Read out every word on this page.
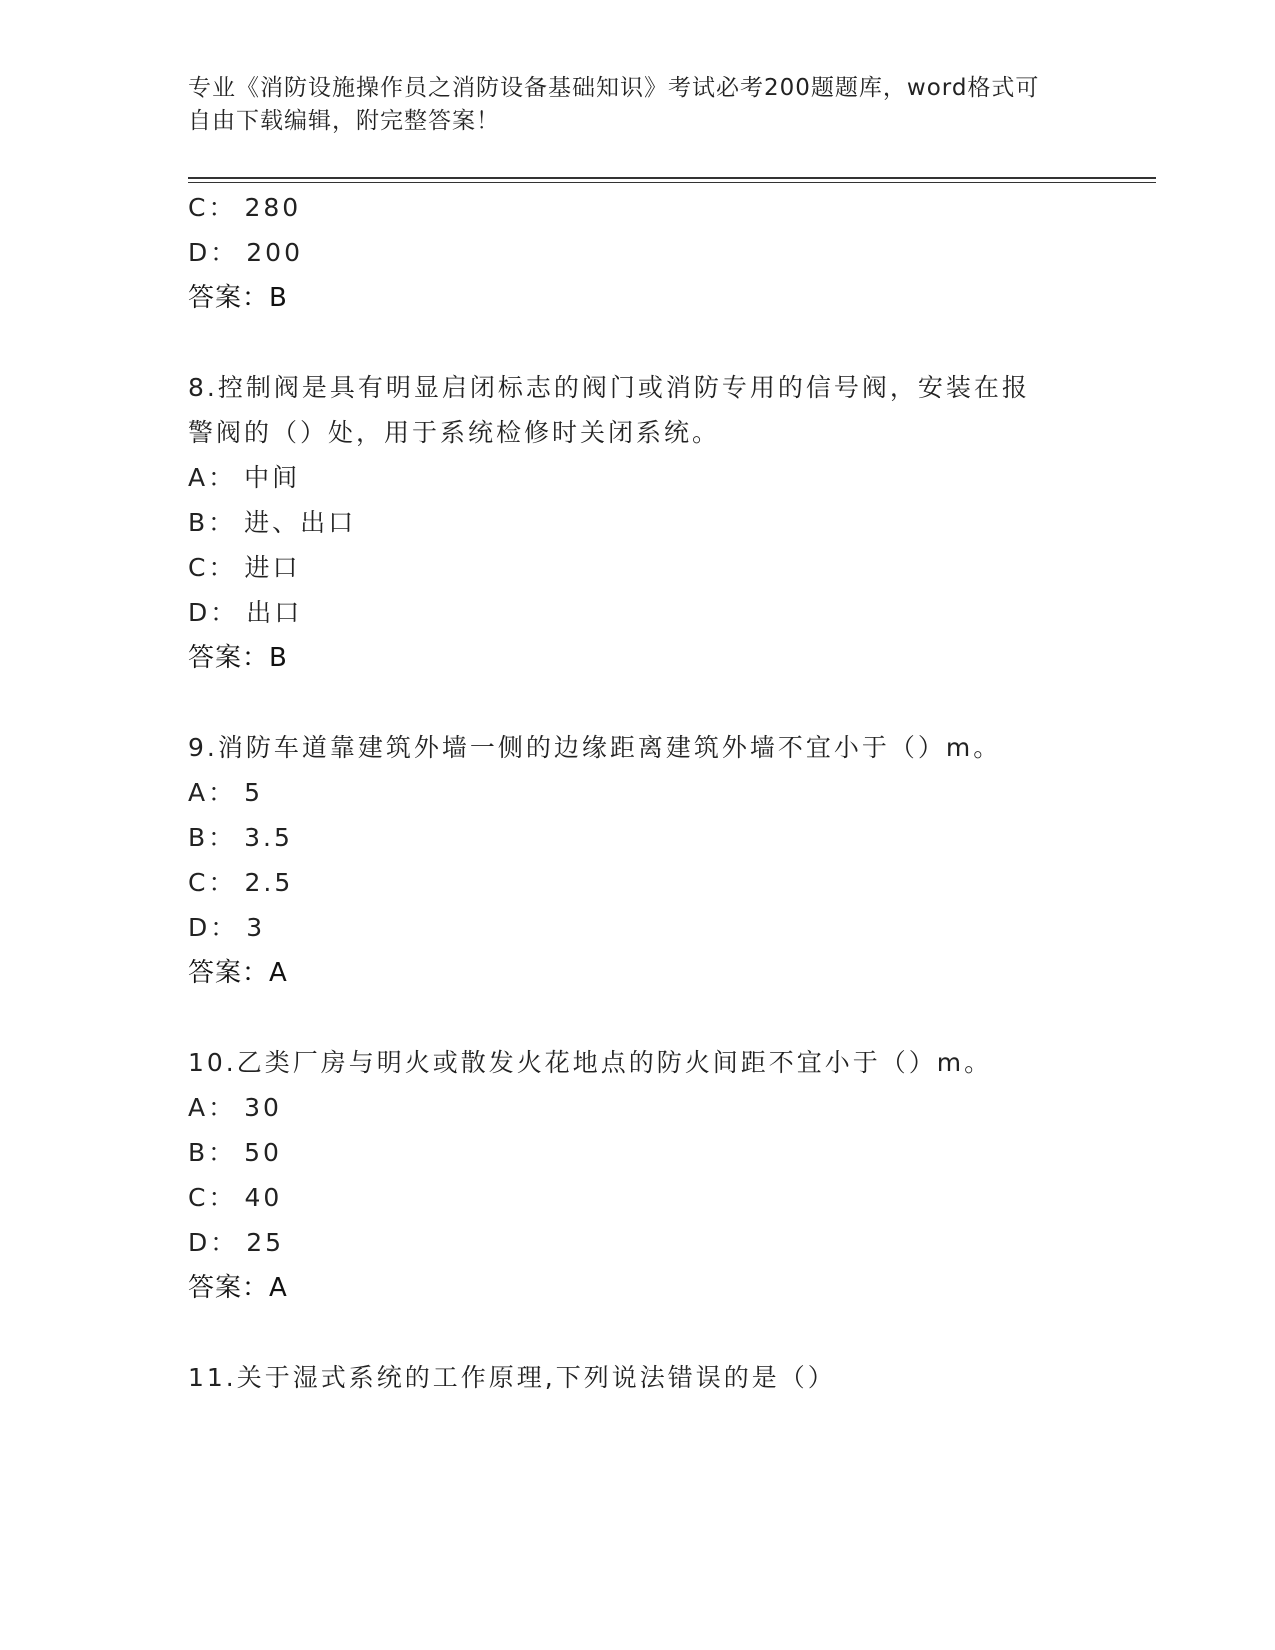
专业《消防设施操作员之消防设备基础知识》考试必考200题题库，word格式可
自由下载编辑，附完整答案！
C： 280
D： 200
答案：B
8.控制阀是具有明显启闭标志的阀门或消防专用的信号阀，安装在报
警阀的（）处，用于系统检修时关闭系统。
A： 中间
B： 进、出口
C： 进口
D： 出口
答案：B
9.消防车道靠建筑外墙一侧的边缘距离建筑外墙不宜小于（）m。
A： 5
B： 3.5
C： 2.5
D： 3
答案：A
10.乙类厂房与明火或散发火花地点的防火间距不宜小于（）m。
A： 30
B： 50
C： 40
D： 25
答案：A
11.关于湿式系统的工作原理,下列说法错误的是（）
